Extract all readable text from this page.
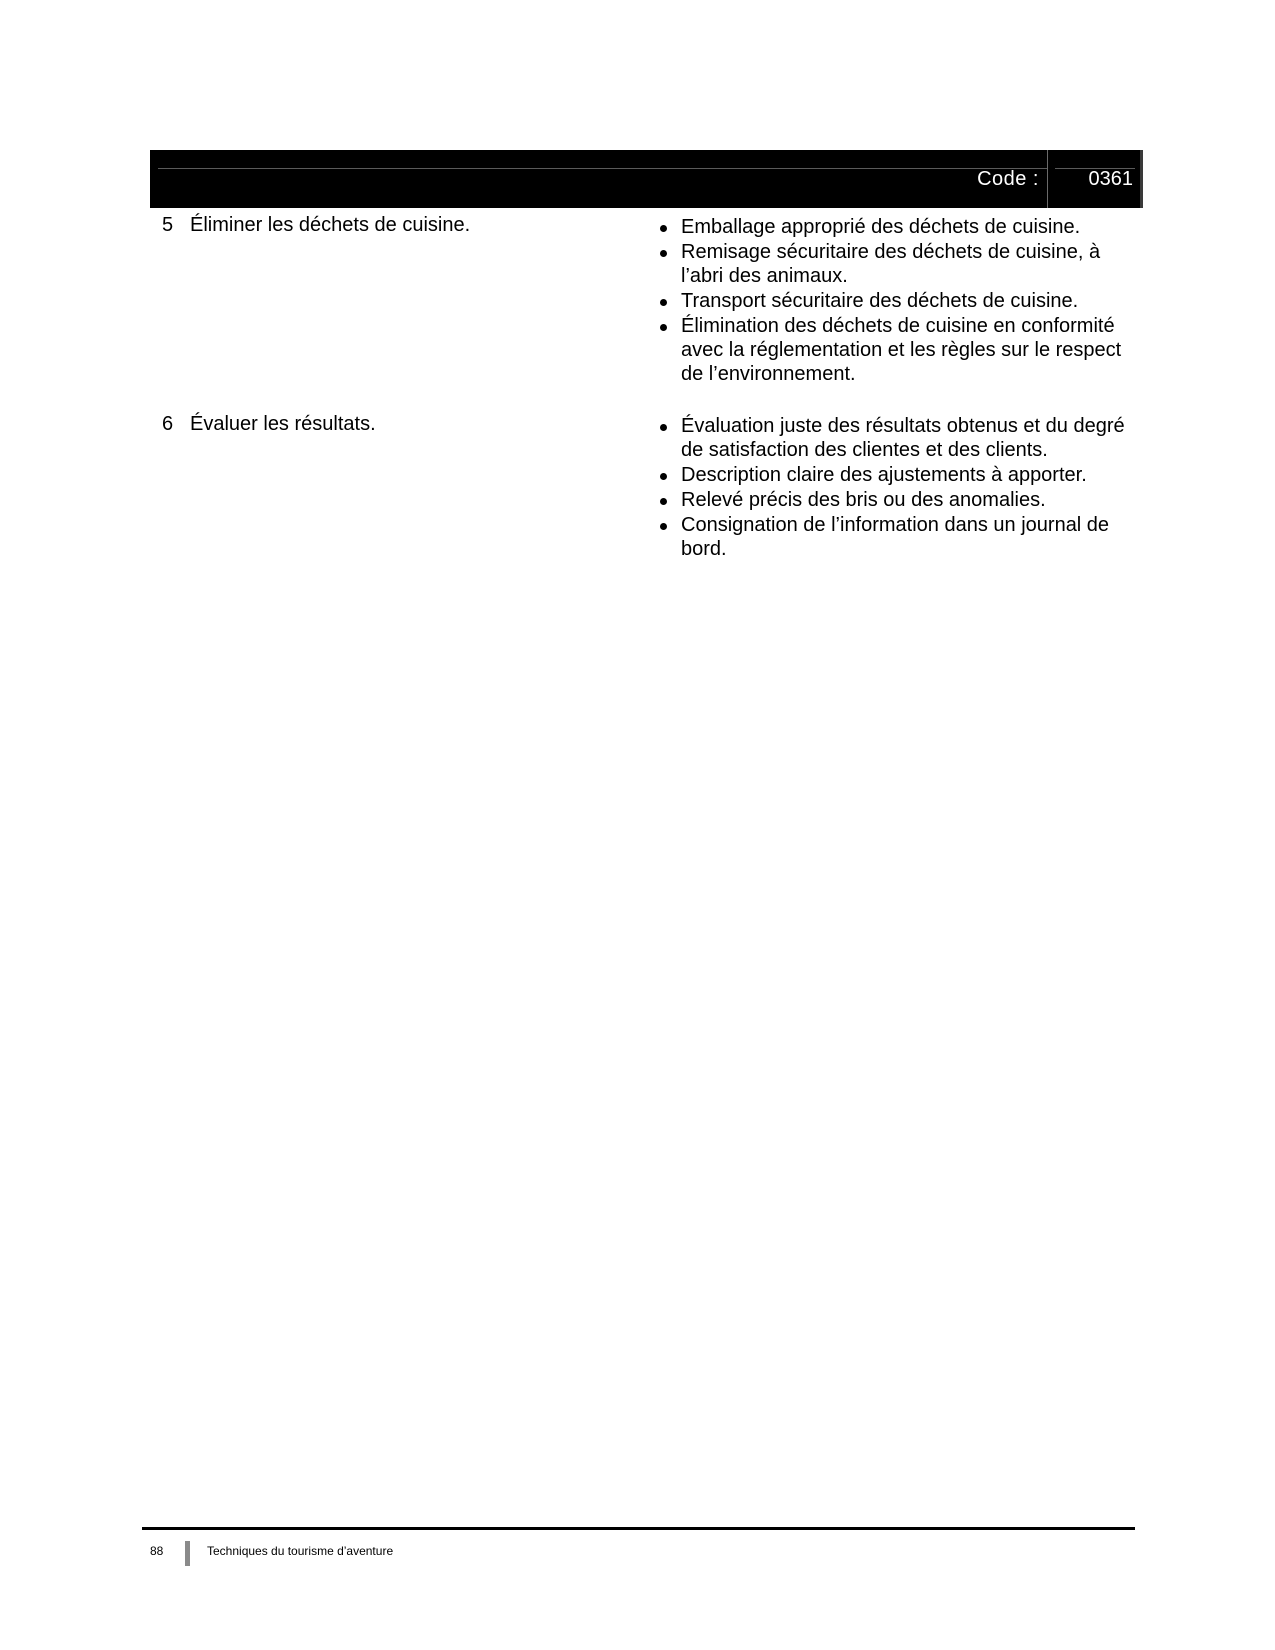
Code : 0361
5 Éliminer les déchets de cuisine.	Emballage approprié des déchets de cuisine.
Remisage sécuritaire des déchets de cuisine, à l’abri des animaux.
Transport sécuritaire des déchets de cuisine.
Élimination des déchets de cuisine en conformité avec la réglementation et les règles sur le respect de l’environnement.
6 Évaluer les résultats.	Évaluation juste des résultats obtenus et du degré de satisfaction des clientes et des clients.
Description claire des ajustements à apporter.
Relevé précis des bris ou des anomalies.
Consignation de l’information dans un journal de bord.
88	Techniques du tourisme d’aventure
